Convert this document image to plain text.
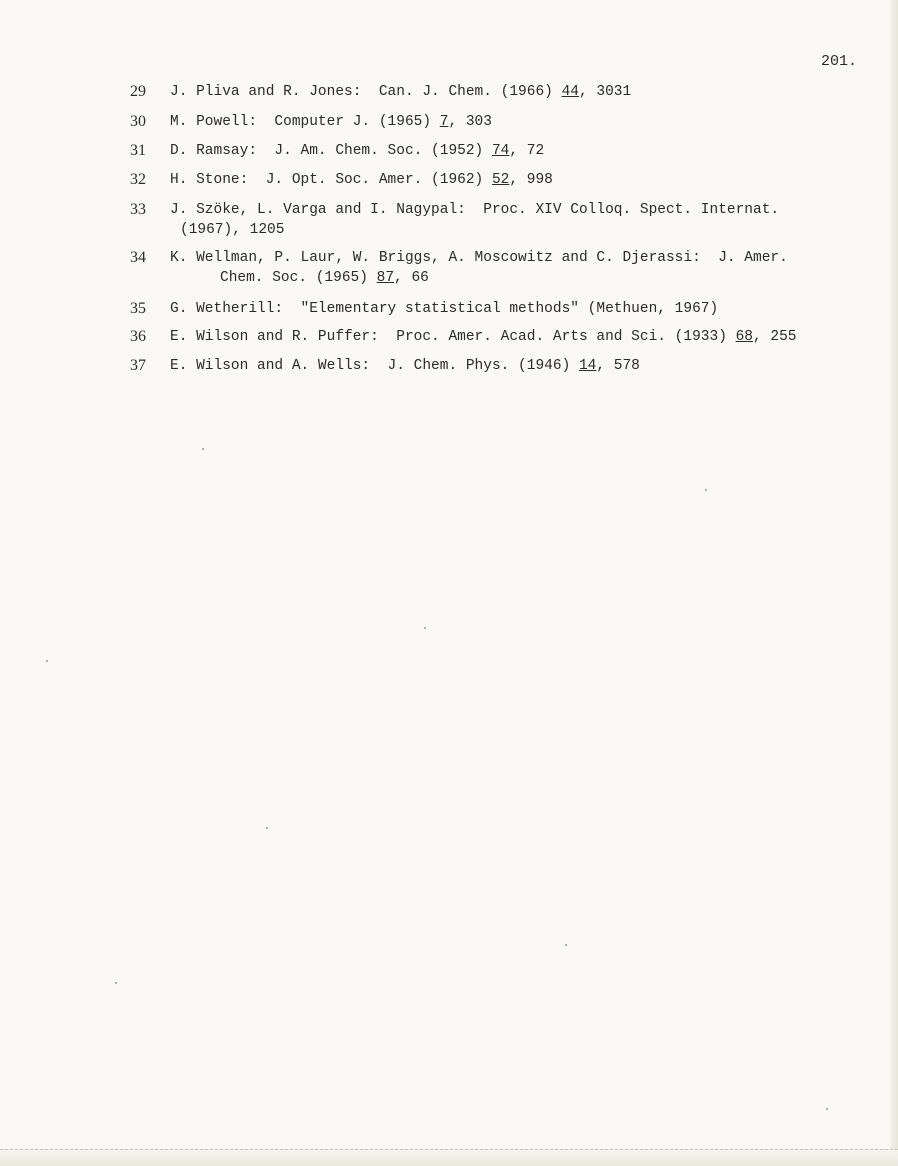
201.

29

J. Pliva and R. Jones:  Can. J. Chem. (1966) 44, 3031

30

M. Powell:  Computer J. (1965) 7, 303

31

D. Ramsay:  J. Am. Chem. Soc. (1952) 74, 72

32

H. Stone:  J. Opt. Soc. Amer. (1962) 52, 998

33

J. Szöke, L. Varga and I. Nagypal:  Proc. XIV Colloq. Spect. Internat.

(1967), 1205

34

K. Wellman, P. Laur, W. Briggs, A. Moscowitz and C. Djerassi:  J. Amer.

Chem. Soc. (1965) 87, 66

35

G. Wetherill:  "Elementary statistical methods" (Methuen, 1967)

36

E. Wilson and R. Puffer:  Proc. Amer. Acad. Arts and Sci. (1933) 68, 255

37

E. Wilson and A. Wells:  J. Chem. Phys. (1946) 14, 578
